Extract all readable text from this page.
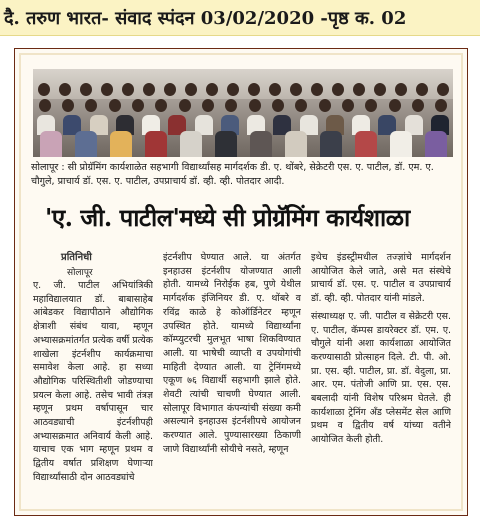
दै. तरुण भारत- संवाद स्पंदन 03/02/2020 -पृष्ठ क. 02
सोलापूर : सी प्रोग्रॅमिंग कार्यशाळेत सहभागी विद्यार्थ्यांसह मार्गदर्शक डी. ए. थोंबरे, सेक्रेटरी एस. ए. पाटील, डॉ. एम. ए. चौगुले, प्राचार्य डॉ. एस. ए. पाटील, उपप्राचार्य डॉ. व्ही. व्ही. पोतदार आदी.
'ए. जी. पाटील'मध्ये सी प्रोग्रॅमिंग कार्यशाळा
प्रतिनिधी
सोलापूर

ए. जी. पाटील अभियांत्रिकी महाविद्यालयात डॉ. बाबासाहेब आंबेडकर विद्यापीठाने औद्योगिक क्षेत्राशी संबंध यावा, म्हणून अभ्यासक्रमांतर्गत प्रत्येक वर्षी प्रत्येक शाखेला इंटर्नशीप कार्यक्रमाचा समावेश केला आहे. हा सध्या औद्योगिक परिस्थितीशी जोडण्याचा प्रयत्न केला आहे. तसेच भावी तंत्रज्ञ म्हणून प्रथम वर्षापासून चार आठवड्याची इंटर्नशीपही अभ्यासक्रमात अनिवार्य केली आहे. याचाच एक भाग म्हणून प्रथम व द्वितीय वर्षात प्रशिक्षण घेणाऱ्या विद्यार्थ्यांसाठी दोन आठवड्यांचे

इंटर्नशीप घेण्यात आले. या अंतर्गत इनहाउस इंटर्नशीप योजण्यात आली होती. यामध्ये निरोईक हब, पुणे येथील मार्गदर्शक इंजिनियर डी. ए. थोंबरे व रविंद्र काळे हे कोऑर्डिनेटर म्हणून उपस्थित होते. यामध्ये विद्यार्थ्यांना कॉम्प्युटरची मुलभूत भाषा शिकविण्यात आली. या भाषेची व्याप्ती व उपयोगांची माहिती देण्यात आली. या ट्रेनिंगमध्ये एकूण ७६ विद्यार्थी सहभागी झाले होते. शेवटी त्यांची चाचणी घेण्यात आली. सोलापूर विभागात कंपन्यांची संख्या कमी असल्याने इनहाउस इंटर्नशीपचे आयोजन करण्यात आले. पुण्यासारख्या ठिकाणी जाणे विद्यार्थ्यांनी सोयीचे नसते, म्हणून

इथेच इंडस्ट्रीमधील तज्ज्ञांचे मार्गदर्शन आयोजित केले जाते, असे मत संस्थेचे प्राचार्य डॉ. एस. ए. पाटील व उपप्राचार्य डॉ. व्ही. व्ही. पोतदार यांनी मांडले.

संस्थाध्यक्ष ए. जी. पाटील व सेक्रेटरी एस. ए. पाटील, कॅम्पस डायरेक्टर डॉ. एम. ए. चौगुले यांनी अशा कार्यशाळा आयोजित करण्यासाठी प्रोत्साहन दिले. टी. पी. ओ. प्रा. एस. व्ही. पाटील, प्रा. डॉ. वेदुला, प्रा. आर. एम. पंतोजी आणि प्रा. एस. एस. बबलादी यांनी विशेष परिश्रम घेतले. ही कार्यशाळा ट्रेनिंग ॲंड प्लेसमेंट सेल आणि प्रथम व द्वितीय वर्ष यांच्या वतीने आयोजित केली होती.
